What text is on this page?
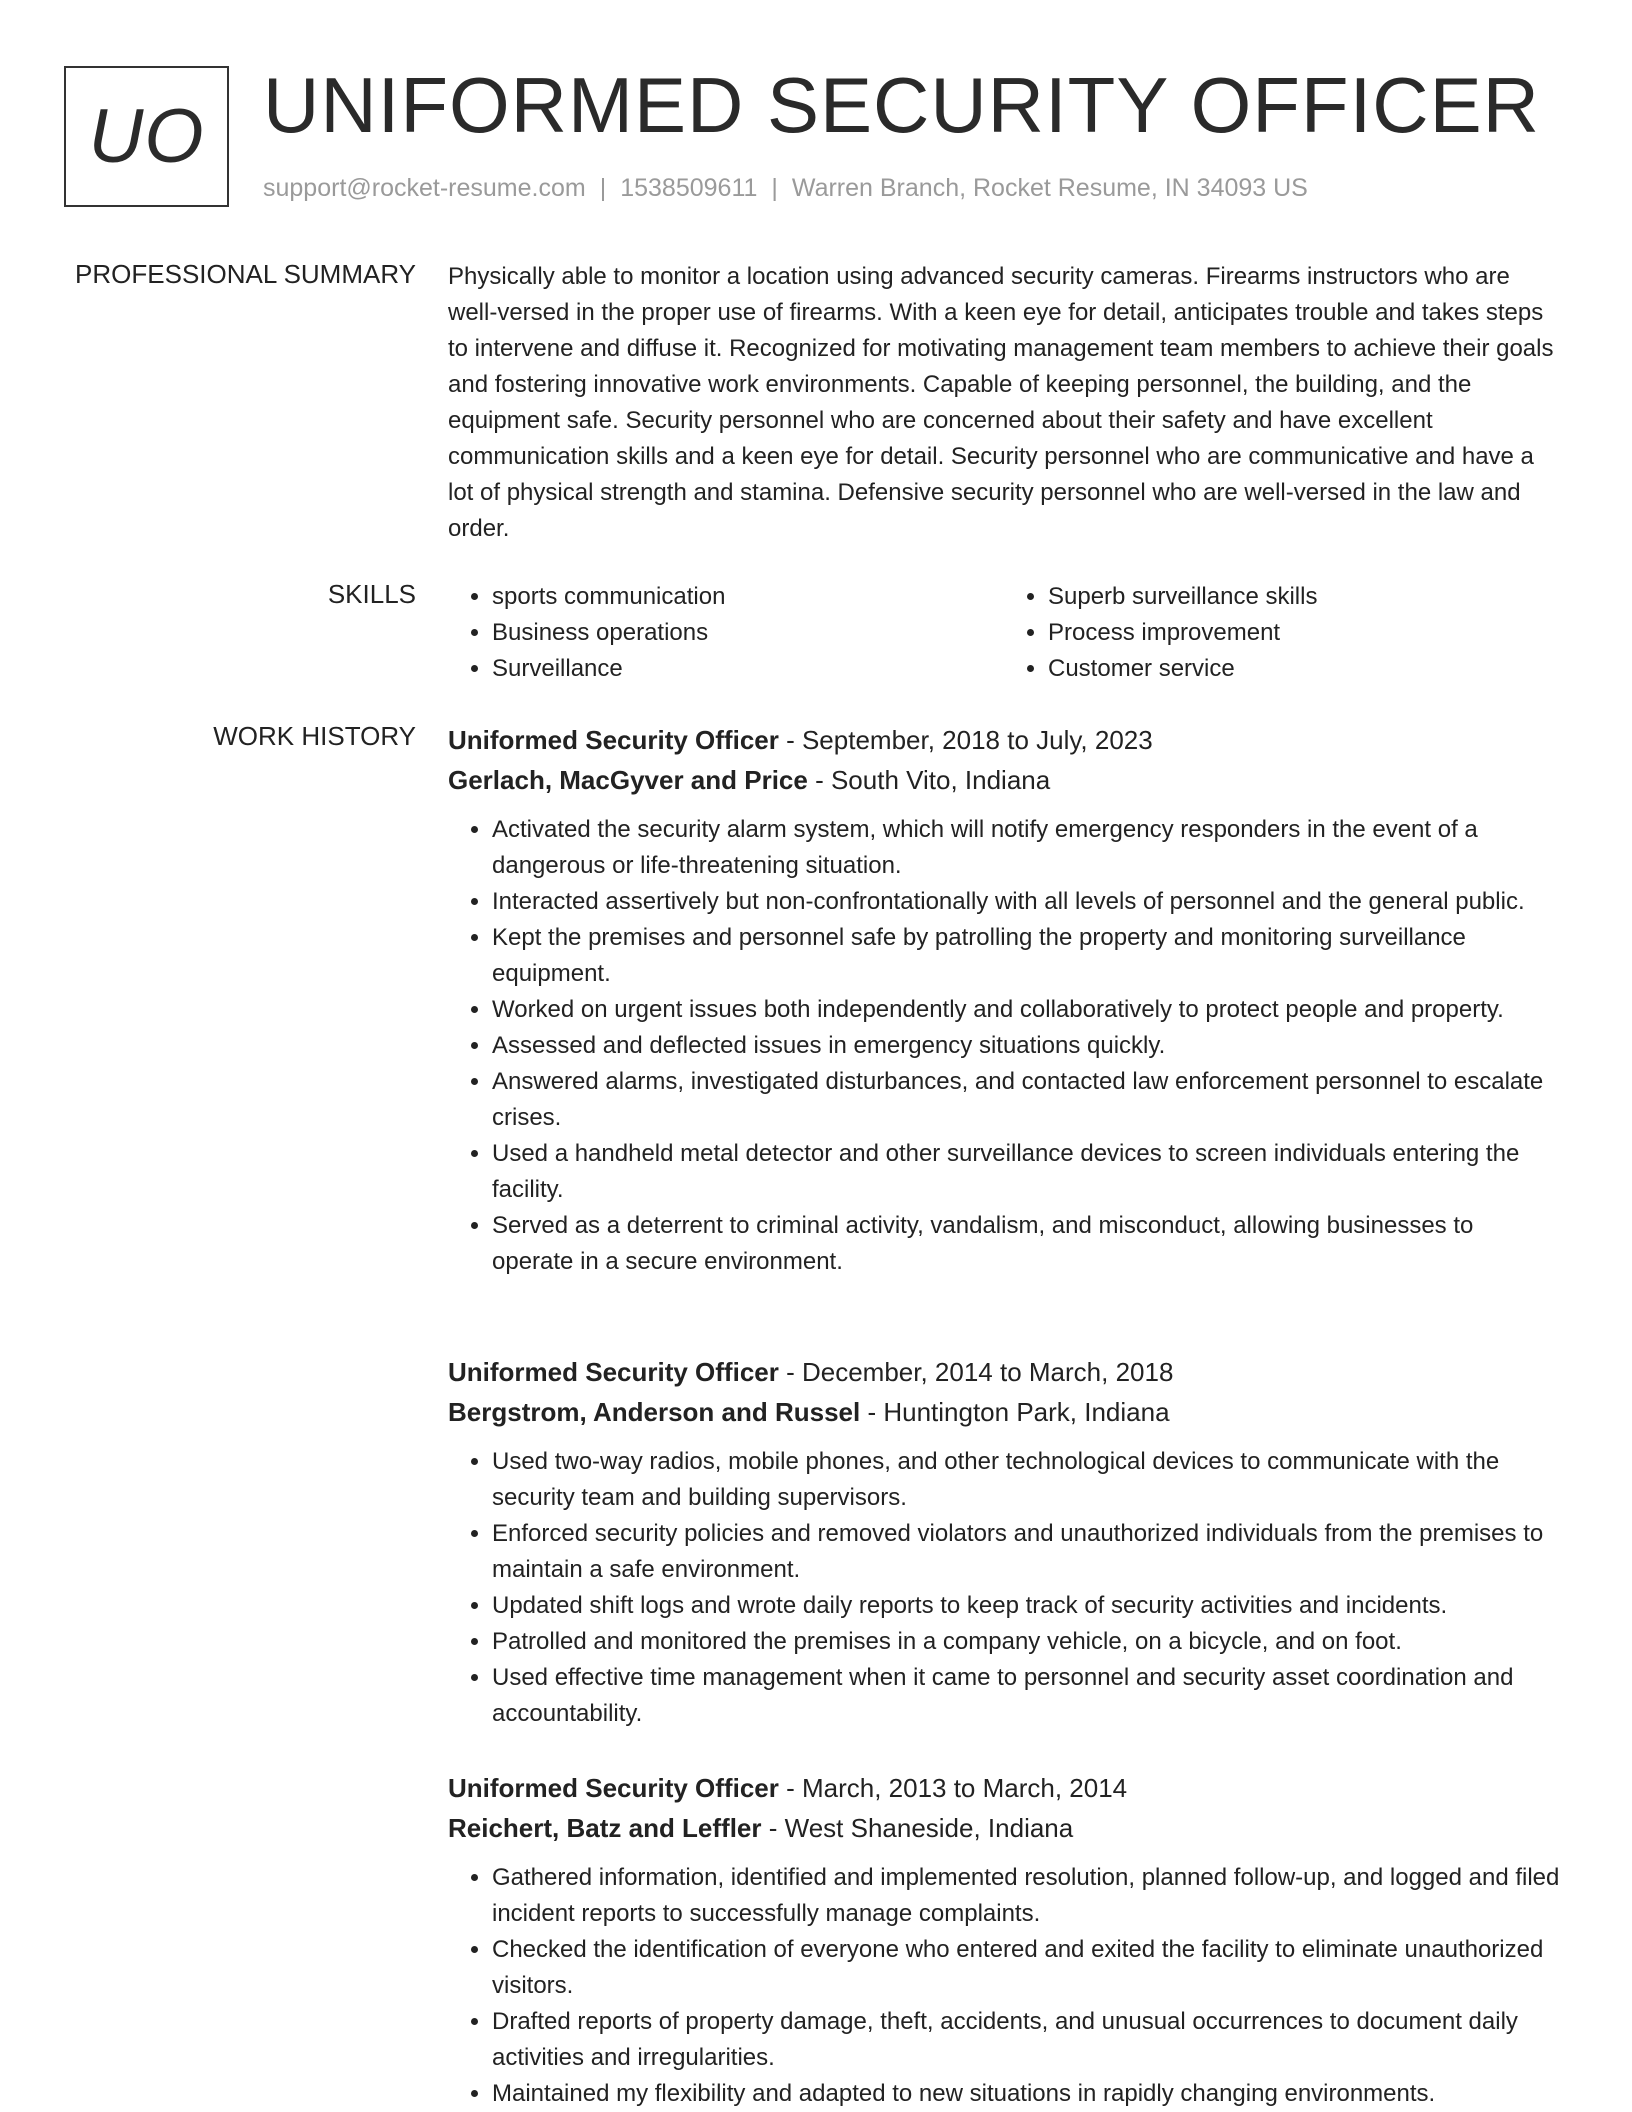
UO UNIFORMED SECURITY OFFICER
support@rocket-resume.com | 1538509611 | Warren Branch, Rocket Resume, IN 34093 US
PROFESSIONAL SUMMARY Physically able to monitor a location using advanced security cameras. Firearms instructors who are well-versed in the proper use of firearms. With a keen eye for detail, anticipates trouble and takes steps to intervene and diffuse it. Recognized for motivating management team members to achieve their goals and fostering innovative work environments. Capable of keeping personnel, the building, and the equipment safe. Security personnel who are concerned about their safety and have excellent communication skills and a keen eye for detail. Security personnel who are communicative and have a lot of physical strength and stamina. Defensive security personnel who are well-versed in the law and order.

SKILLS
•	sports communication
• Business operations
• Surveillance
• Superb surveillance skills
• Process improvement
• Customer service
WORK HISTORY Uniformed Security Officer - September, 2018 to July, 2023
Gerlach, MacGyver and Price - South Vito, Indiana
• Activated the security alarm system, which will notify emergency responders in the event of a dangerous or life-threatening situation.
• Interacted assertively but non-confrontationally with all levels of personnel and the general public.
• Kept the premises and personnel safe by patrolling the property and monitoring surveillance equipment.
• Worked on urgent issues both independently and collaboratively to protect people and property.
• Assessed and deflected issues in emergency situations quickly.
• Answered alarms, investigated disturbances, and contacted law enforcement personnel to escalate crises.
• Used a handheld metal detector and other surveillance devices to screen individuals entering the facility.
• Served as a deterrent to criminal activity, vandalism, and misconduct, allowing businesses to operate in a secure environment.
Uniformed Security Officer - December, 2014 to March, 2018
Bergstrom, Anderson and Russel - Huntington Park, Indiana
• Used two-way radios, mobile phones, and other technological devices to communicate with the security team and building supervisors.
• Enforced security policies and removed violators and unauthorized individuals from the premises to maintain a safe environment.
• Updated shift logs and wrote daily reports to keep track of security activities and incidents.
• Patrolled and monitored the premises in a company vehicle, on a bicycle, and on foot.
• Used effective time management when it came to personnel and security asset coordination and accountability.
Uniformed Security Officer - March, 2013 to March, 2014
Reichert, Batz and Leffler - West Shaneside, Indiana
• Gathered information, identified and implemented resolution, planned follow-up, and logged and filed incident reports to successfully manage complaints.
• Checked the identification of everyone who entered and exited the facility to eliminate unauthorized visitors.
• Drafted reports of property damage, theft, accidents, and unusual occurrences to document daily activities and irregularities.
• Maintained my flexibility and adapted to new situations in rapidly changing environments.
